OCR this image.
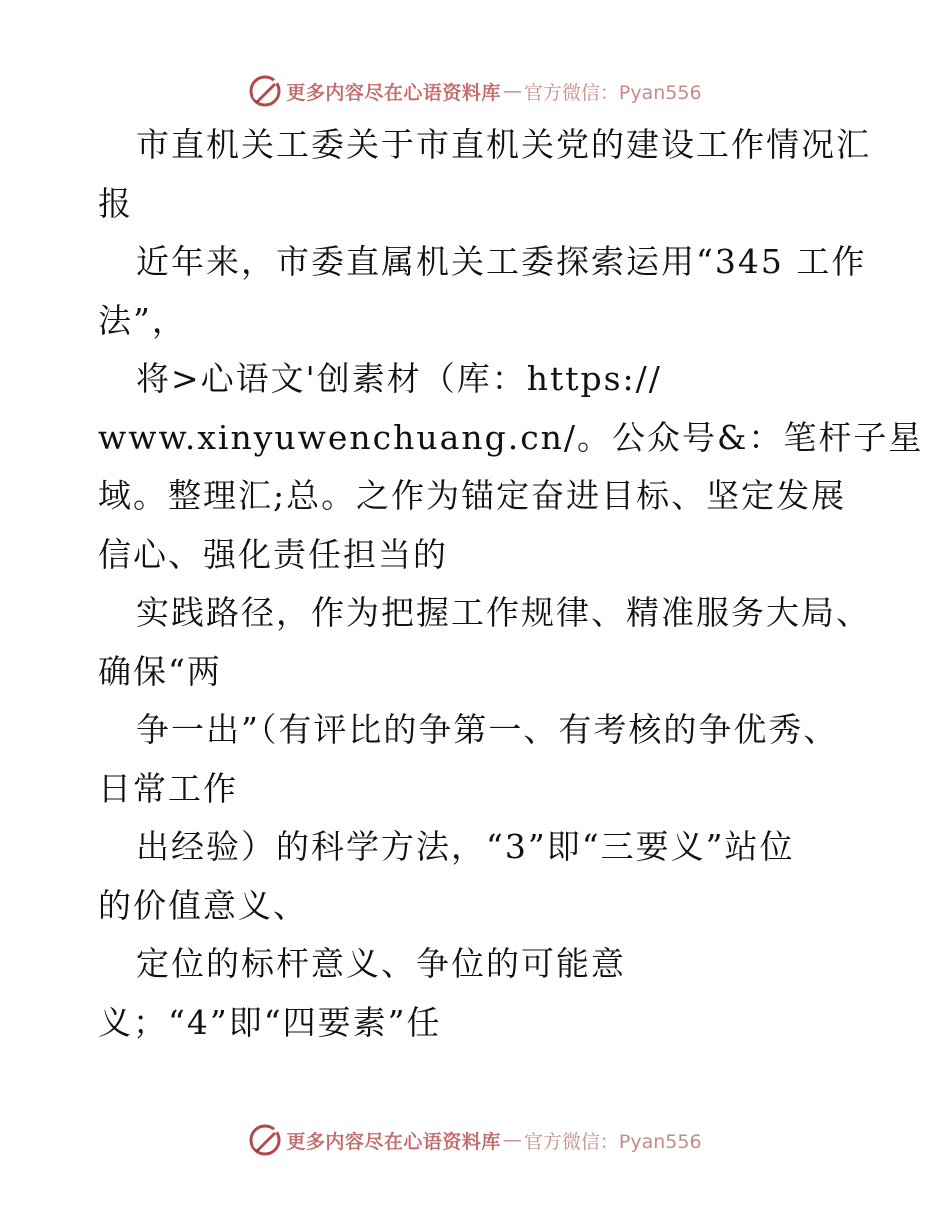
更多内容尽在心语资料库 — 官方微信：Pyan556
市直机关工委关于市直机关党的建设工作情况汇
报
近年来，市委直属机关工委探索运用“345 工作
法”，
将>心语文'创素材（库：https://
www.xinyuwenchuang.cn/。公众号&：笔杆子星
域。整理汇;总。之作为锚定奋进目标、坚定发展
信心、强化责任担当的
实践路径，作为把握工作规律、精准服务大局、
确保“两
争一出”（有评比的争第一、有考核的争优秀、
日常工作
出经验）的科学方法，“3”即“三要义”站位
的价值意义、
定位的标杆意义、争位的可能意
义；“4”即“四要素”任
更多内容尽在心语资料库 — 官方微信：Pyan556
